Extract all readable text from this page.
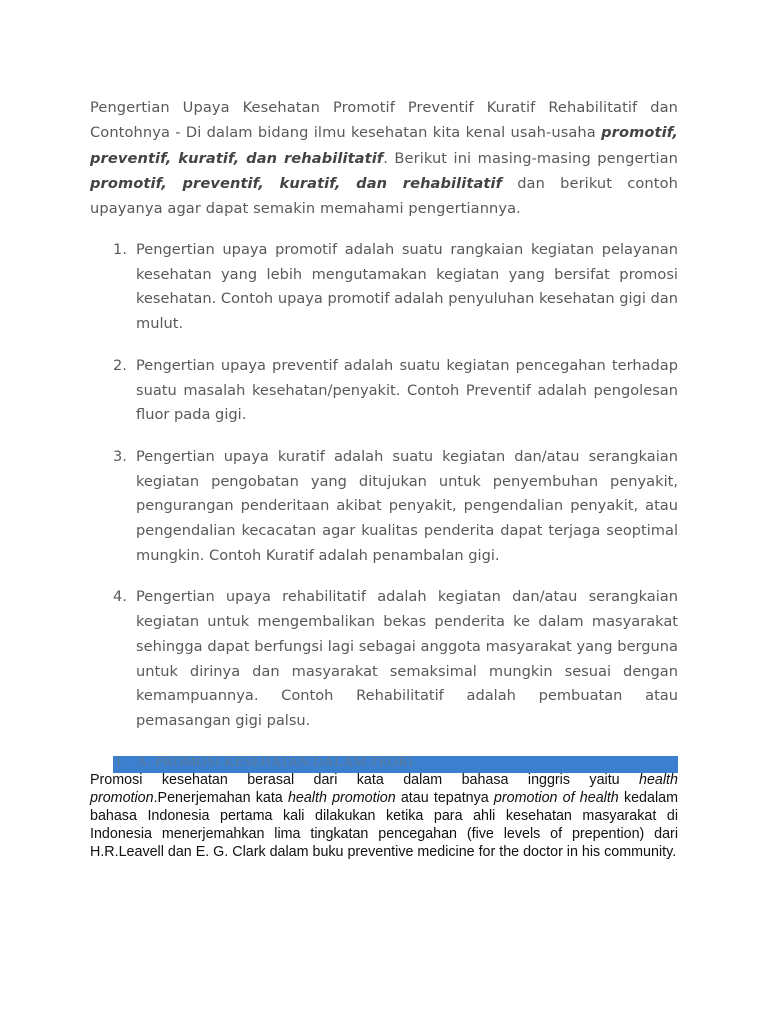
Pengertian Upaya Kesehatan Promotif Preventif Kuratif Rehabilitatif dan Contohnya - Di dalam bidang ilmu kesehatan kita kenal usah-usaha promotif, preventif, kuratif, dan rehabilitatif. Berikut ini masing-masing pengertian promotif, preventif, kuratif, dan rehabilitatif dan berikut contoh upayanya agar dapat semakin memahami pengertiannya.

1. Pengertian upaya promotif adalah suatu rangkaian kegiatan pelayanan kesehatan yang lebih mengutamakan kegiatan yang bersifat promosi kesehatan. Contoh upaya promotif adalah penyuluhan kesehatan gigi dan mulut.
2. Pengertian upaya preventif adalah suatu kegiatan pencegahan terhadap suatu masalah kesehatan/penyakit. Contoh Preventif adalah pengolesan fluor pada gigi.
3. Pengertian upaya kuratif adalah suatu kegiatan dan/atau serangkaian kegiatan pengobatan yang ditujukan untuk penyembuhan penyakit, pengurangan penderitaan akibat penyakit, pengendalian penyakit, atau pengendalian kecacatan agar kualitas penderita dapat terjaga seoptimal mungkin. Contoh Kuratif adalah penambalan gigi.
4. Pengertian upaya rehabilitatif adalah kegiatan dan/atau serangkaian kegiatan untuk mengembalikan bekas penderita ke dalam masyarakat sehingga dapat berfungsi lagi sebagai anggota masyarakat yang berguna untuk dirinya dan masyarakat semaksimal mungkin sesuai dengan kemampuannya. Contoh Rehabilitatif adalah pembuatan atau pemasangan gigi palsu.
1. A. PROMOSI KESEHATAN DALAM TEORI

Promosi kesehatan berasal dari kata dalam bahasa inggris yaitu health promotion.Penerjemahan kata health promotion atau tepatnya promotion of health kedalam bahasa Indonesia pertama kali dilakukan ketika para ahli kesehatan masyarakat di Indonesia menerjemahkan lima tingkatan pencegahan (five levels of prepention) dari H.R.Leavell dan E. G. Clark dalam buku preventive medicine for the doctor in his community.
